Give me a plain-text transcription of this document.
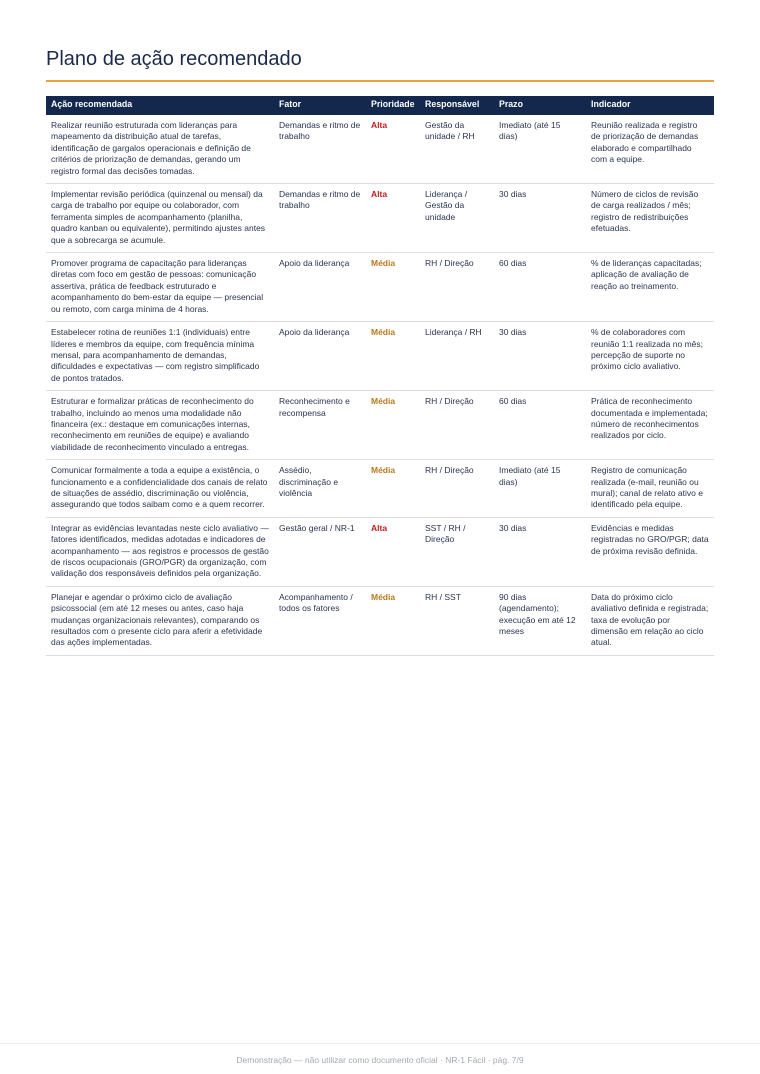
Plano de ação recomendado
Ação recomendada	Fator	Prioridade	Responsável	Prazo	Indicador
Realizar reunião estruturada com lideranças para mapeamento da distribuição atual de tarefas, identificação de gargalos operacionais e definição de critérios de priorização de demandas, gerando um registro formal das decisões tomadas.	Demandas e ritmo de trabalho	Alta	Gestão da unidade / RH	Imediato (até 15 dias)	Reunião realizada e registro de priorização de demandas elaborado e compartilhado com a equipe.
Implementar revisão periódica (quinzenal ou mensal) da carga de trabalho por equipe ou colaborador, com ferramenta simples de acompanhamento (planilha, quadro kanban ou equivalente), permitindo ajustes antes que a sobrecarga se acumule.	Demandas e ritmo de trabalho	Alta	Liderança / Gestão da unidade	30 dias	Número de ciclos de revisão de carga realizados / mês; registro de redistribuições efetuadas.
Promover programa de capacitação para lideranças diretas com foco em gestão de pessoas: comunicação assertiva, prática de feedback estruturado e acompanhamento do bem-estar da equipe — presencial ou remoto, com carga mínima de 4 horas.	Apoio da liderança	Média	RH / Direção	60 dias	% de lideranças capacitadas; aplicação de avaliação de reação ao treinamento.
Estabelecer rotina de reuniões 1:1 (individuais) entre líderes e membros da equipe, com frequência mínima mensal, para acompanhamento de demandas, dificuldades e expectativas — com registro simplificado de pontos tratados.	Apoio da liderança	Média	Liderança / RH	30 dias	% de colaboradores com reunião 1:1 realizada no mês; percepção de suporte no próximo ciclo avaliativo.
Estruturar e formalizar práticas de reconhecimento do trabalho, incluindo ao menos uma modalidade não financeira (ex.: destaque em comunicações internas, reconhecimento em reuniões de equipe) e avaliando viabilidade de reconhecimento vinculado a entregas.	Reconhecimento e recompensa	Média	RH / Direção	60 dias	Prática de reconhecimento documentada e implementada; número de reconhecimentos realizados por ciclo.
Comunicar formalmente a toda a equipe a existência, o funcionamento e a confidencialidade dos canais de relato de situações de assédio, discriminação ou violência, assegurando que todos saibam como e a quem recorrer.	Assédio, discriminação e violência	Média	RH / Direção	Imediato (até 15 dias)	Registro de comunicação realizada (e-mail, reunião ou mural); canal de relato ativo e identificado pela equipe.
Integrar as evidências levantadas neste ciclo avaliativo — fatores identificados, medidas adotadas e indicadores de acompanhamento — aos registros e processos de gestão de riscos ocupacionais (GRO/PGR) da organização, com validação dos responsáveis definidos pela organização.	Gestão geral / NR-1	Alta	SST / RH / Direção	30 dias	Evidências e medidas registradas no GRO/PGR; data de próxima revisão definida.
Planejar e agendar o próximo ciclo de avaliação psicossocial (em até 12 meses ou antes, caso haja mudanças organizacionais relevantes), comparando os resultados com o presente ciclo para aferir a efetividade das ações implementadas.	Acompanhamento / todos os fatores	Média	RH / SST	90 dias (agendamento); execução em até 12 meses	Data do próximo ciclo avaliativo definida e registrada; taxa de evolução por dimensão em relação ao ciclo atual.
Demonstração — não utilizar como documento oficial · NR-1 Fácil · pág. 7/9
